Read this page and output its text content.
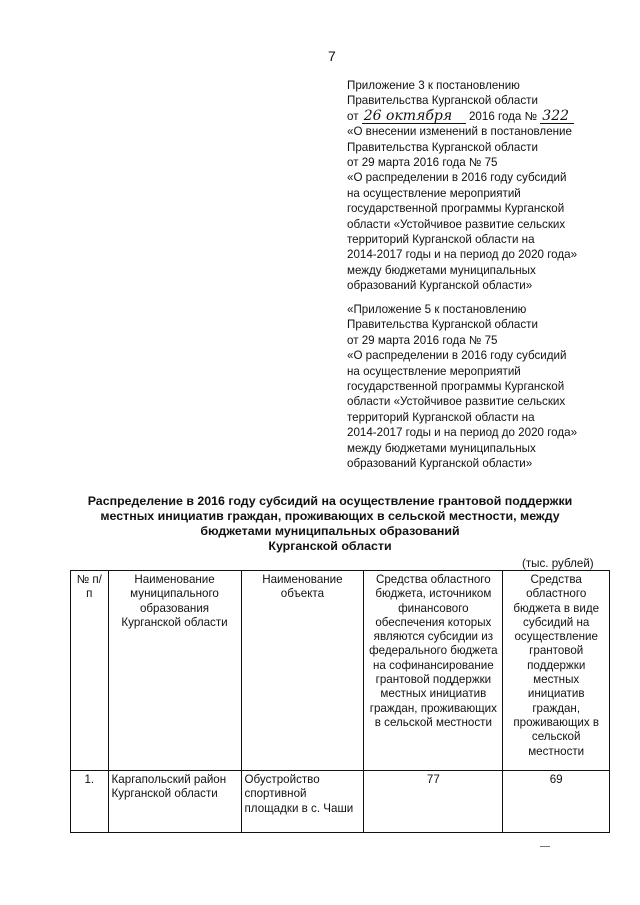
7
Приложение 3 к постановлению
Правительства Курганской области
от 26 октября 2016 года № 322
«О внесении изменений в постановление
Правительства Курганской области
от 29 марта 2016 года № 75
«О распределении в 2016 году субсидий
на осуществление мероприятий
государственной программы Курганской
области «Устойчивое развитие сельских
территорий Курганской области на
2014-2017 годы и на период до 2020 года»
между бюджетами муниципальных
образований Курганской области»
«Приложение 5 к постановлению
Правительства Курганской области
от 29 марта 2016 года № 75
«О распределении в 2016 году субсидий
на осуществление мероприятий
государственной программы Курганской
области «Устойчивое развитие сельских
территорий Курганской области на
2014-2017 годы и на период до 2020 года»
между бюджетами муниципальных
образований Курганской области»
Распределение в 2016 году субсидий на осуществление грантовой поддержки
местных инициатив граждан, проживающих в сельской местности, между
бюджетами муниципальных образований
Курганской области
(тыс. рублей)
№ п/п	Наименование муниципального образования Курганской области	Наименование объекта	Средства областного бюджета, источником финансового обеспечения которых являются субсидии из федерального бюджета на софинансирование грантовой поддержки местных инициатив граждан, проживающих в сельской местности	Средства областного бюджета в виде субсидий на осуществление грантовой поддержки местных инициатив граждан, проживающих в сельской местности
1.	Каргапольский район Курганской области	Обустройство спортивной площадки в с. Чаши	77	69
